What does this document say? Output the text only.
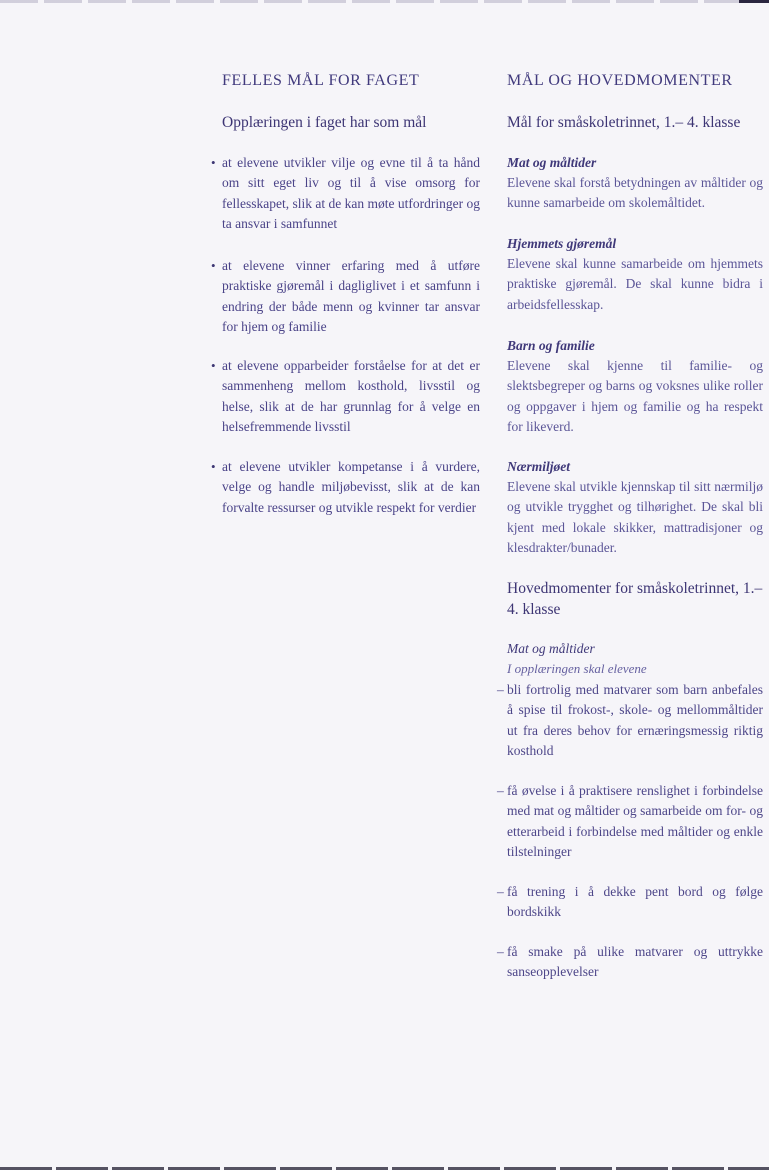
FELLES MÅL FOR FAGET
Opplæringen i faget har som mål
• at elevene utvikler vilje og evne til å ta hånd om sitt eget liv og til å vise omsorg for fellesskapet, slik at de kan møte utfordringer og ta ansvar i samfunnet
• at elevene vinner erfaring med å utføre praktiske gjøremål i dagliglivet i et samfunn i endring der både menn og kvinner tar ansvar for hjem og familie
• at elevene opparbeider forståelse for at det er sammenheng mellom kosthold, livsstil og helse, slik at de har grunnlag for å velge en helsefremmende livsstil
• at elevene utvikler kompetanse i å vurdere, velge og handle miljøbevisst, slik at de kan forvalte ressurser og utvikle respekt for verdier
MÅL OG HOVEDMOMENTER
Mål for småskoletrinnet, 1.– 4. klasse
Mat og måltider
Elevene skal forstå betydningen av måltider og kunne samarbeide om skolemåltidet.
Hjemmets gjøremål
Elevene skal kunne samarbeide om hjemmets praktiske gjøremål. De skal kunne bidra i arbeidsfellesskap.
Barn og familie
Elevene skal kjenne til familie- og slektsbegreper og barns og voksnes ulike roller og oppgaver i hjem og familie og ha respekt for likeverd.
Nærmiljøet
Elevene skal utvikle kjennskap til sitt nærmiljø og utvikle trygghet og tilhørighet. De skal bli kjent med lokale skikker, mattradisjoner og klesdrakter/bunader.
Hovedmomenter for småskoletrinnet, 1.– 4. klasse
Mat og måltider
I opplæringen skal elevene
– bli fortrolig med matvarer som barn anbefales å spise til frokost-, skole- og mellommåltider ut fra deres behov for ernæringsmessig riktig kosthold
– få øvelse i å praktisere renslighet i forbindelse med mat og måltider og samarbeide om for- og etterarbeid i forbindelse med måltider og enkle tilstelninger
– få trening i å dekke pent bord og følge bordskikk
– få smake på ulike matvarer og uttrykke sanseopplevelser
